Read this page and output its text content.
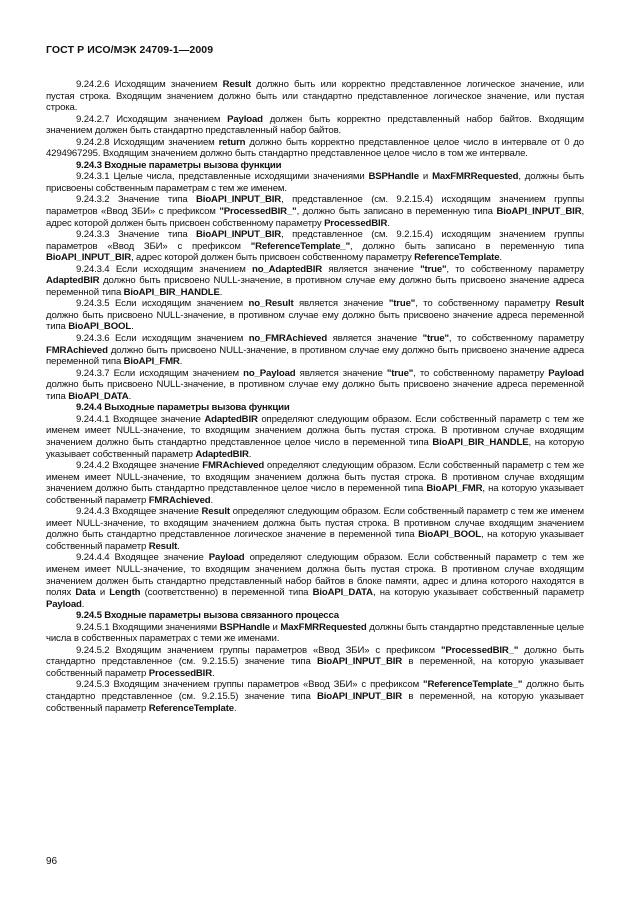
ГОСТ Р ИСО/МЭК 24709-1—2009

9.24.2.6 Исходящим значением Result должно быть или корректно представленное логическое значение, или пустая строка. Входящим значением должно быть или стандартно представленное логическое значение, или пустая строка.

9.24.2.7 Исходящим значением Payload должен быть корректно представленный набор байтов. Входящим значением должен быть стандартно представленный набор байтов.

9.24.2.8 Исходящим значением return должно быть корректно представленное целое число в интервале от 0 до 4294967295. Входящим значением должно быть стандартно представленное целое число в том же интервале.

9.24.3 Входные параметры вызова функции

9.24.3.1 Целые числа, представленные исходящими значениями BSPHandle и MaxFMRRequested, должны быть присвоены собственным параметрам с тем же именем.

9.24.3.2 Значение типа BioAPI_INPUT_BIR, представленное (см. 9.2.15.4) исходящим значением группы параметров «Ввод ЗБИ» с префиксом "ProcessedBIR_", должно быть записано в переменную типа BioAPI_INPUT_BIR, адрес которой должен быть присвоен собственному параметру ProcessedBIR.

9.24.3.3 Значение типа BioAPI_INPUT_BIR, представленное (см. 9.2.15.4) исходящим значением группы параметров «Ввод ЗБИ» с префиксом "ReferenceTemplate_", должно быть записано в переменную типа BioAPI_INPUT_BIR, адрес которой должен быть присвоен собственному параметру ReferenceTemplate.

9.24.3.4 Если исходящим значением no_AdaptedBIR является значение "true", то собственному параметру AdaptedBIR должно быть присвоено NULL-значение, в противном случае ему должно быть присвоено значение адреса переменной типа BioAPI_BIR_HANDLE.

9.24.3.5 Если исходящим значением no_Result является значение "true", то собственному параметру Result должно быть присвоено NULL-значение, в противном случае ему должно быть присвоено значение адреса переменной типа BioAPI_BOOL.

9.24.3.6 Если исходящим значением no_FMRAchieved является значение "true", то собственному параметру FMRAchieved должно быть присвоено NULL-значение, в противном случае ему должно быть присвоено значение адреса переменной типа BioAPI_FMR.

9.24.3.7 Если исходящим значением no_Payload является значение "true", то собственному параметру Payload должно быть присвоено NULL-значение, в противном случае ему должно быть присвоено значение адреса переменной типа BioAPI_DATA.

9.24.4 Выходные параметры вызова функции

9.24.4.1 Входящее значение AdaptedBIR определяют следующим образом. Если собственный параметр с тем же именем имеет NULL-значение, то входящим значением должна быть пустая строка. В противном случае входящим значением должно быть стандартно представленное целое число в переменной типа BioAPI_BIR_HANDLE, на которую указывает собственный параметр AdaptedBIR.

9.24.4.2 Входящее значение FMRAchieved определяют следующим образом. Если собственный параметр с тем же именем имеет NULL-значение, то входящим значением должна быть пустая строка. В противном случае входящим значением должно быть стандартно представленное целое число в переменной типа BioAPI_FMR, на которую указывает собственный параметр FMRAchieved.

9.24.4.3 Входящее значение Result определяют следующим образом. Если собственный параметр с тем же именем имеет NULL-значение, то входящим значением должна быть пустая строка. В противном случае входящим значением должно быть стандартно представленное логическое значение в переменной типа BioAPI_BOOL, на которую указывает собственный параметр Result.

9.24.4.4 Входящее значение Payload определяют следующим образом. Если собственный параметр с тем же именем имеет NULL-значение, то входящим значением должна быть пустая строка. В противном случае входящим значением должен быть стандартно представленный набор байтов в блоке памяти, адрес и длина которого находятся в полях Data и Length (соответственно) в переменной типа BioAPI_DATA, на которую указывает собственный параметр Payload.

9.24.5 Входные параметры вызова связанного процесса

9.24.5.1 Входящими значениями BSPHandle и MaxFMRRequested должны быть стандартно представленные целые числа в собственных параметрах с теми же именами.

9.24.5.2 Входящим значением группы параметров «Ввод ЗБИ» с префиксом "ProcessedBIR_" должно быть стандартно представленное (см. 9.2.15.5) значение типа BioAPI_INPUT_BIR в переменной, на которую указывает собственный параметр ProcessedBIR.

9.24.5.3 Входящим значением группы параметров «Ввод ЗБИ» с префиксом "ReferenceTemplate_" должно быть стандартно представленное (см. 9.2.15.5) значение типа BioAPI_INPUT_BIR в переменной, на которую указывает собственный параметр ReferenceTemplate.

96
